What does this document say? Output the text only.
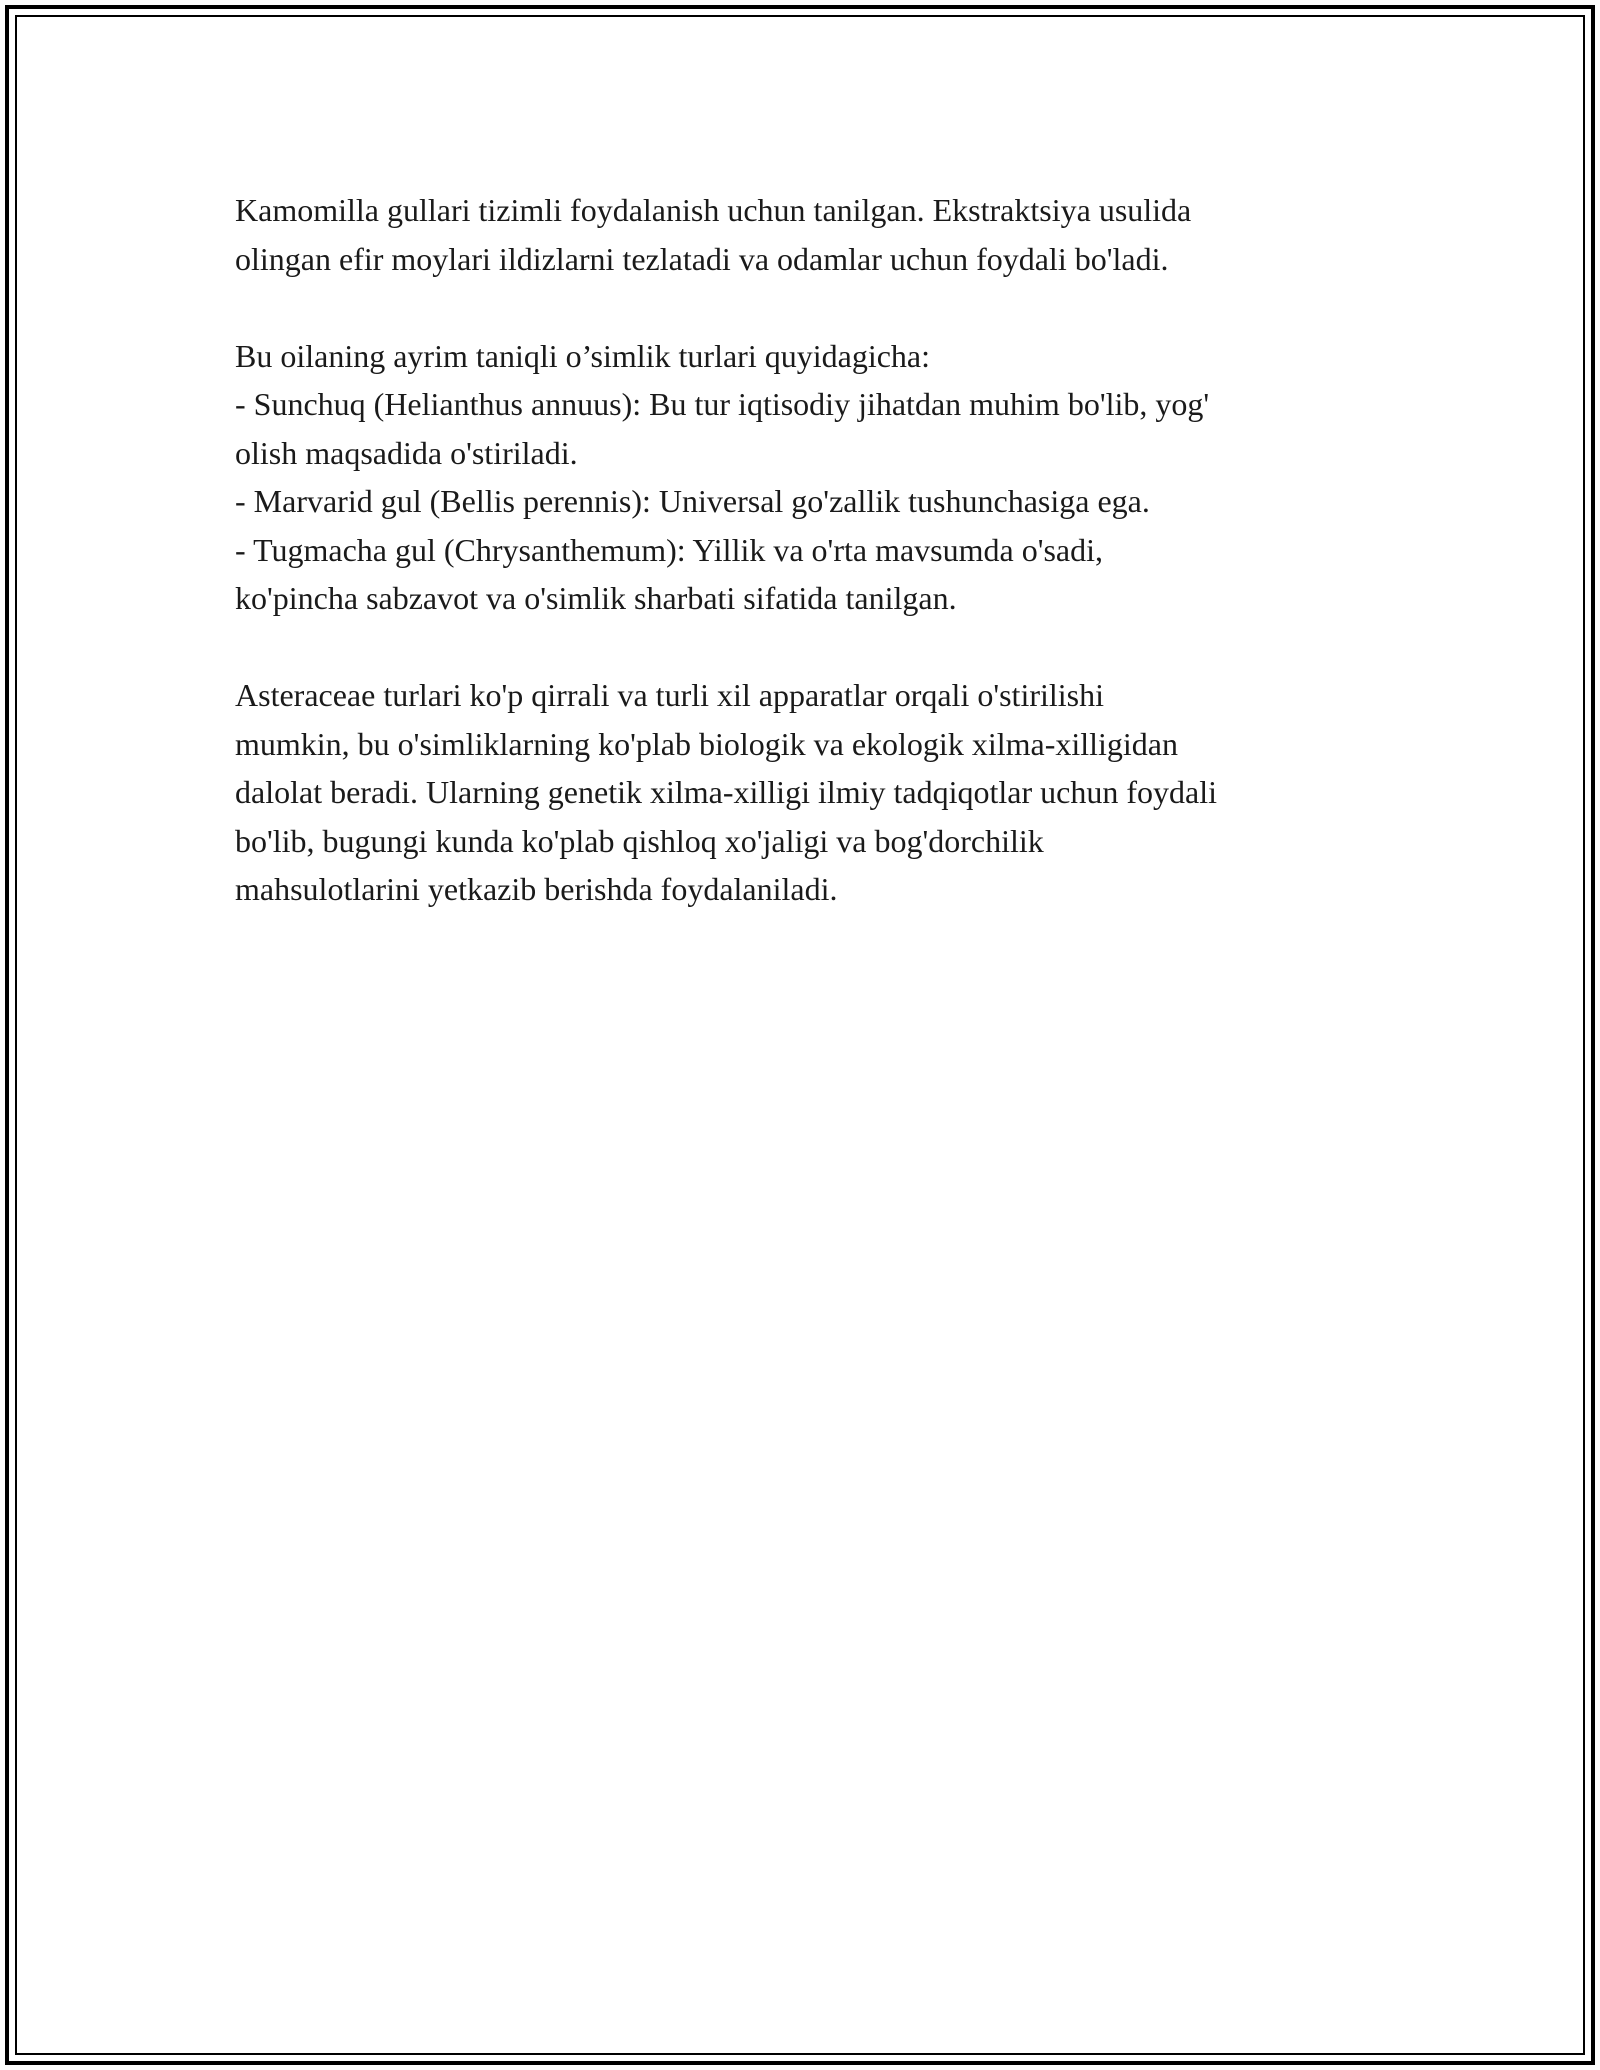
Kamomilla gullari tizimli foydalanish uchun tanilgan. Ekstraktsiya usulida

olingan efir moylari ildizlarni tezlatadi va odamlar uchun foydali bo'ladi.

Bu oilaning ayrim taniqli o’simlik turlari quyidagicha:

- Sunchuq (Helianthus annuus): Bu tur iqtisodiy jihatdan muhim bo'lib, yog'

olish maqsadida o'stiriladi.

- Marvarid gul (Bellis perennis): Universal go'zallik tushunchasiga ega.

- Tugmacha gul (Chrysanthemum): Yillik va o'rta mavsumda o'sadi,

ko'pincha sabzavot va o'simlik sharbati sifatida tanilgan.

Asteraceae turlari ko'p qirrali va turli xil apparatlar orqali o'stirilishi

mumkin, bu o'simliklarning ko'plab biologik va ekologik xilma-xilligidan

dalolat beradi. Ularning genetik xilma-xilligi ilmiy tadqiqotlar uchun foydali

bo'lib, bugungi kunda ko'plab qishloq xo'jaligi va bog'dorchilik

mahsulotlarini yetkazib berishda foydalaniladi.
